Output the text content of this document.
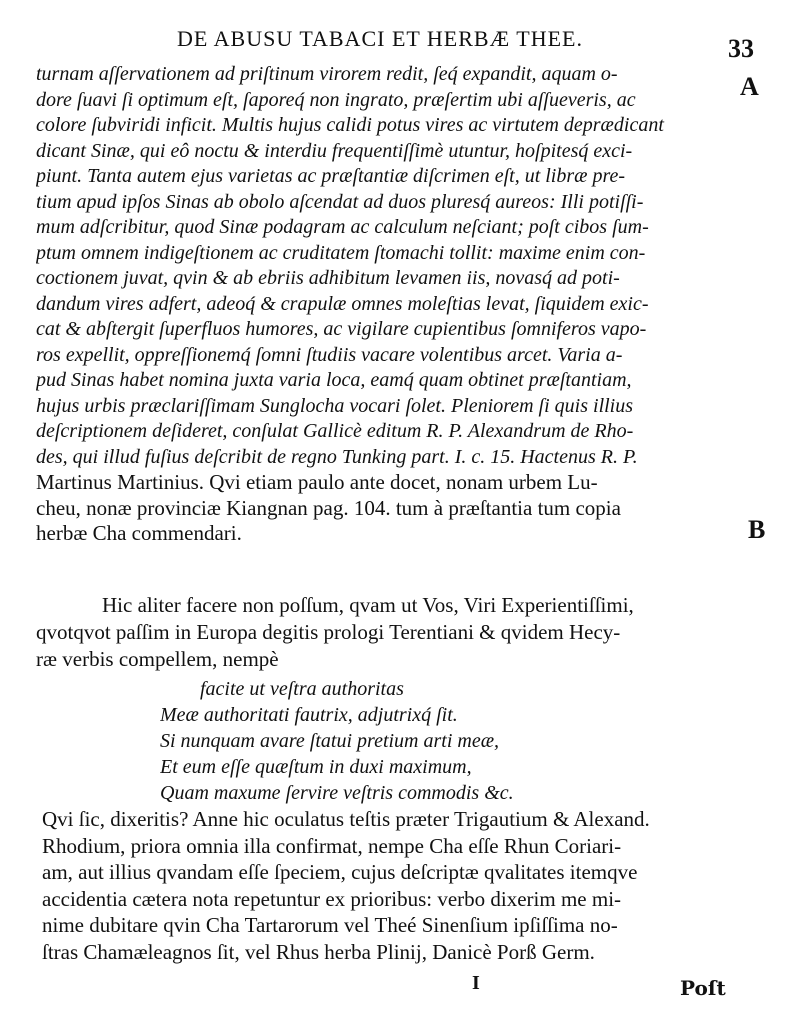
DE ABUSU TABACI ET HERBÆ THEE.	33
A
B
turnam aſſervationem ad priſtinum virorem redit, ſeq́ expandit, aquam o-
dore ſuavi ſi optimum eſt, ſaporeq́ non ingrato, præſertim ubi aſſueveris, ac
colore ſubviridi inficit. Multis hujus calidi potus vires ac virtutem deprædicant
dicant Sinæ, qui eô noctu & interdiu frequentiſſimè utuntur, hoſpitesq́ exci-
piunt. Tanta autem ejus varietas ac præſtantiæ diſcrimen eſt, ut libræ pre-
tium apud ipſos Sinas ab obolo aſcendat ad duos pluresq́ aureos: Illi potiſſi-
mum adſcribitur, quod Sinæ podagram ac calculum neſciant; poſt cibos ſum-
ptum omnem indigeſtionem ac cruditatem ſtomachi tollit: maxime enim con-
coctionem juvat, qvin & ab ebriis adhibitum levamen iis, novasq́ ad poti-
dandum vires adfert, adeoq́ & crapulæ omnes moleſtias levat, ſiquidem exic-
cat & abſtergit ſuperfluos humores, ac vigilare cupientibus ſomniferos vapo-
ros expellit, oppreſſionemq́ ſomni ſtudiis vacare volentibus arcet. Varia a-
pud Sinas habet nomina juxta varia loca, eamq́ quam obtinet præſtantiam,
hujus urbis præclariſſimam Sunglocha vocari ſolet. Pleniorem ſi quis illius
deſcriptionem deſideret, conſulat Gallicè editum R. P. Alexandrum de Rho-
des, qui illud fuſius deſcribit de regno Tunking part. I. c. 15. Hactenus R. P.
Martinus Martinius. Qvi etiam paulo ante docet, nonam urbem Lu-
cheu, nonæ provinciæ Kiangnan pag. 104. tum à præſtantia tum copia
herbæ Cha commendari.
Hic aliter facere non poſſum, qvam ut Vos, Viri Experientiſſimi,
qvotqvot paſſim in Europa degitis prologi Terentiani & qvidem Hecy-
ræ verbis compellem, nempè
facite ut veſtra authoritas
Meæ authoritati fautrix, adjutrixq́ ſit.
Si nunquam avare ſtatui pretium arti meæ,
Et eum eſſe quæſtum in duxi maximum,
Quam maxume ſervire veſtris commodis &c.
Qvi ſic, dixeritis? Anne hic oculatus teſtis præter Trigautium & Alexand.
Rhodium, priora omnia illa confirmat, nempe Cha eſſe Rhun Coriari-
am, aut illius qvandam eſſe ſpeciem, cujus deſcriptæ qvalitates itemqve
accidentia cætera nota repetuntur ex prioribus: verbo dixerim me mi-
nime dubitare qvin Cha Tartarorum vel Theé Sinenſium ipſiſſima no-
ſtras Chamæleagnos ſit, vel Rhus herba Plinij, Danicè Porß Germ.
I	Poſt
